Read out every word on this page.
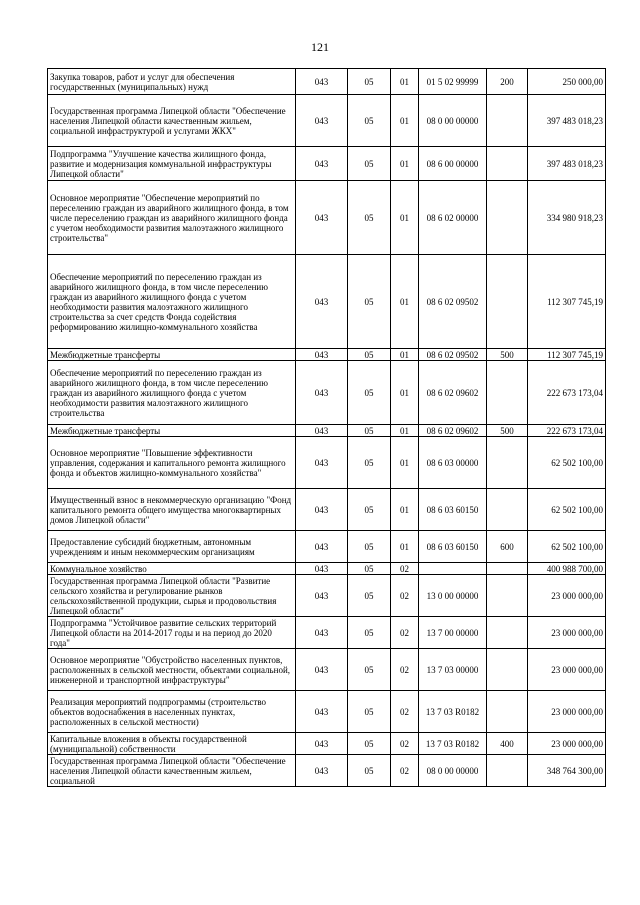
121
Закупка товаров, работ и услуг для обеспечения государственных (муниципальных) нужд	043	05	01	01 5 02 99999	200	250 000,00
Государственная программа Липецкой области "Обеспечение населения Липецкой области качественным жильем, социальной инфраструктурой и услугами ЖКХ"	043	05	01	08 0 00 00000		397 483 018,23
Подпрограмма "Улучшение качества жилищного фонда, развитие и модернизация коммунальной инфраструктуры Липецкой области"	043	05	01	08 6 00 00000		397 483 018,23
Основное мероприятие "Обеспечение мероприятий по переселению граждан из аварийного жилищного фонда, в том числе переселению граждан из аварийного жилищного фонда с учетом необходимости развития малоэтажного жилищного строительства"	043	05	01	08 6 02 00000		334 980 918,23
Обеспечение мероприятий по переселению граждан из аварийного жилищного фонда, в том числе переселению граждан из аварийного жилищного фонда с учетом необходимости развития малоэтажного жилищного строительства за счет средств Фонда содействия реформированию жилищно-коммунального хозяйства	043	05	01	08 6 02 09502		112 307 745,19
Межбюджетные трансферты	043	05	01	08 6 02 09502	500	112 307 745,19
Обеспечение мероприятий по переселению граждан из аварийного жилищного фонда, в том числе переселению граждан из аварийного жилищного фонда с учетом необходимости развития малоэтажного жилищного строительства	043	05	01	08 6 02 09602		222 673 173,04
Межбюджетные трансферты	043	05	01	08 6 02 09602	500	222 673 173,04
Основное мероприятие "Повышение эффективности управления, содержания и капитального ремонта жилищного фонда и объектов жилищно-коммунального хозяйства"	043	05	01	08 6 03 00000		62 502 100,00
Имущественный взнос в некоммерческую организацию "Фонд капитального ремонта общего имущества многоквартирных домов Липецкой области"	043	05	01	08 6 03 60150		62 502 100,00
Предоставление субсидий бюджетным, автономным учреждениям и иным некоммерческим организациям	043	05	01	08 6 03 60150	600	62 502 100,00
Коммунальное хозяйство	043	05	02			400 988 700,00
Государственная программа Липецкой области "Развитие сельского хозяйства и регулирование рынков сельскохозяйственной продукции, сырья и продовольствия Липецкой области"	043	05	02	13 0 00 00000		23 000 000,00
Подпрограмма "Устойчивое развитие сельских территорий Липецкой области на 2014-2017 годы и на период до 2020 года"	043	05	02	13 7 00 00000		23 000 000,00
Основное мероприятие "Обустройство населенных пунктов, расположенных в сельской местности, объектами социальной, инженерной и транспортной инфраструктуры"	043	05	02	13 7 03 00000		23 000 000,00
Реализация мероприятий подпрограммы (строительство объектов водоснабжения в населенных пунктах, расположенных в сельской местности)	043	05	02	13 7 03 R0182		23 000 000,00
Капитальные вложения в объекты государственной (муниципальной) собственности	043	05	02	13 7 03 R0182	400	23 000 000,00
Государственная программа Липецкой области "Обеспечение населения Липецкой области качественным жильем, социальной	043	05	02	08 0 00 00000		348 764 300,00
